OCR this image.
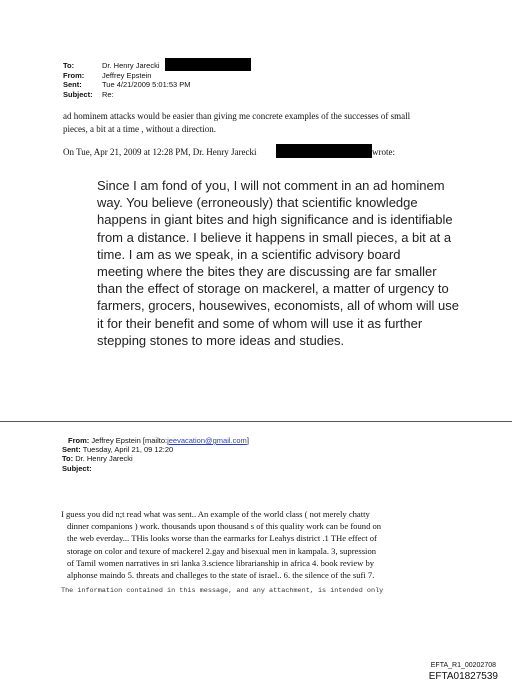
To:	Dr. Henry Jarecki
From: Jeffrey Epstein
Sent:	Tue 4/21/2009 5:01:53 PM
Subject: Re:
ad hominem attacks would be easier than giving me concrete examples of the successes of small
pieces, a bit at a time , without a direction.
On Tue, Apr 21, 2009 at 12:28 PM, Dr. Henry Jarecki	wrote:
Since I am fond of you, I will not comment in an ad hominem
way. You believe (erroneously) that scientific knowledge
happens in giant bites and high significance and is identifiable
from a distance. I believe it happens in small pieces, a bit at a
time. I am as we speak, in a scientific advisory board
meeting where the bites they are discussing are far smaller
than the effect of storage on mackerel, a matter of urgency to
farmers, grocers, housewives, economists, all of whom will use
it for their benefit and some of whom will use it as further
stepping stones to more ideas and studies.
From: Jeffrey Epstein [mailto:jeevacation@gmail.com]
Sent: Tuesday, April 21, 09 12:20
To: Dr. Henry Jarecki
Subject:
I guess you did n;t read what was sent.. An example of the world class ( not merely chatty
dinner companions ) work. thousands upon thousand s of this quality work can be found on
the web everday... THis looks worse than the earmarks for Leahys district .1 THe effect of
storage on color and texure of mackerel 2.gay and bisexual men in kampala. 3, supression
of Tamil women narratives in sri lanka 3.science librarianship in africa 4. book review by
alphonse maindo 5. threats and challeges to the state of israel.. 6. the silence of the sufi 7.
The information contained in this message, and any attachment, is intended only
EFTA_R1_00202708
EFTA01827539
